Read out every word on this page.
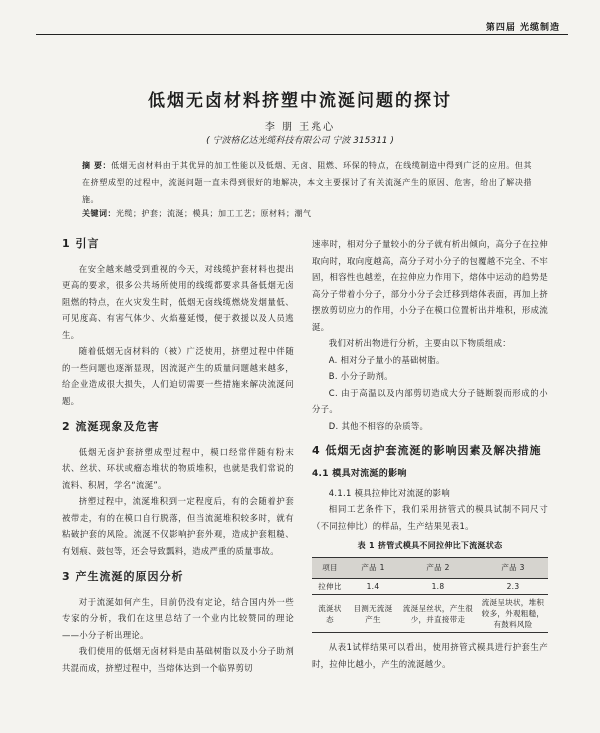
第四届 光缆制造
低烟无卤材料挤塑中流涎问题的探讨
李 朋 王兆心
( 宁波格亿达光缆科技有限公司 宁波 315311 )
摘 要：低烟无卤材料由于其优异的加工性能以及低烟、无卤、阻燃、环保的特点，在线缆制造中得到广泛的应用。但其在挤塑成型的过程中，流涎问题一直未得到很好的地解决，本文主要探讨了有关流涎产生的原因、危害，给出了解决措施。
关键词：光缆；护套；流涎；模具；加工工艺；原材料；潮气
1 引言

在安全越来越受到重视的今天，对线缆护套材料也提出更高的要求，很多公共场所使用的线缆都要求具备低烟无卤阻燃的特点，在火灾发生时，低烟无卤线缆燃烧发烟量低、可见度高、有害气体少、火焰蔓延慢，便于救援以及人员逃生。

随着低烟无卤材料的（被）广泛使用，挤塑过程中伴随的一些问题也逐渐显现，因流涎产生的质量问题越来越多，给企业造成很大损失，人们迫切需要一些措施来解决流涎问题。

2 流涎现象及危害

低烟无卤护套挤塑成型过程中，模口经常伴随有粉末状、丝状、环状或瘤态堆状的物质堆积，也就是我们常说的流料、积屑，学名“流涎”。

挤塑过程中，流涎堆积到一定程度后，有的会随着护套被带走，有的在模口自行脱落，但当流涎堆积较多时，就有粘破护套的风险。流涎不仅影响护套外观，造成护套粗糙、有划痕、鼓包等，还会导致瓢料，造成严重的质量事故。

3 产生流涎的原因分析

对于流涎如何产生，目前仍没有定论，结合国内外一些专家的分析，我们在这里总结了一个业内比较赞同的理论——小分子析出理论。

我们使用的低烟无卤材料是由基础树脂以及小分子助剂共混而成，挤塑过程中，当熔体达到一个临界剪切

速率时，相对分子量较小的分子就有析出倾向，高分子在拉伸取向时，取向度越高，高分子对小分子的包覆越不完全、不牢固，相容性也越差，在拉伸应力作用下，熔体中运动的趋势是高分子带着小分子，部分小分子会迁移到熔体表面，再加上挤摆放剪切应力的作用，小分子在模口位置析出并堆积，形成流涎。

我们对析出物进行分析，主要由以下物质组成：

A. 相对分子量小的基础树脂。

B. 小分子助剂。

C. 由于高温以及内部剪切造成大分子链断裂而形成的小分子。

D. 其他不相容的杂质等。

4 低烟无卤护套流涎的影响因素及解决措施
4.1 模具对流涎的影响
4.1.1 模具拉伸比对流涎的影响

相同工艺条件下，我们采用挤管式的模具试制不同尺寸（不同拉伸比）的样品，生产结果见表1。

表 1 挤管式模具不同拉伸比下流涎状态
项目	产品 1	产品 2	产品 3
拉伸比	1.4	1.8	2.3
流涎状态	目测无流涎产生	流涎呈丝状，产生很少，并直接带走	流涎呈块状，堆积较多，外观粗糙，有鼓料风险

从表1试样结果可以看出，使用挤管式模具进行护套生产时，拉伸比越小，产生的流涎越少。
